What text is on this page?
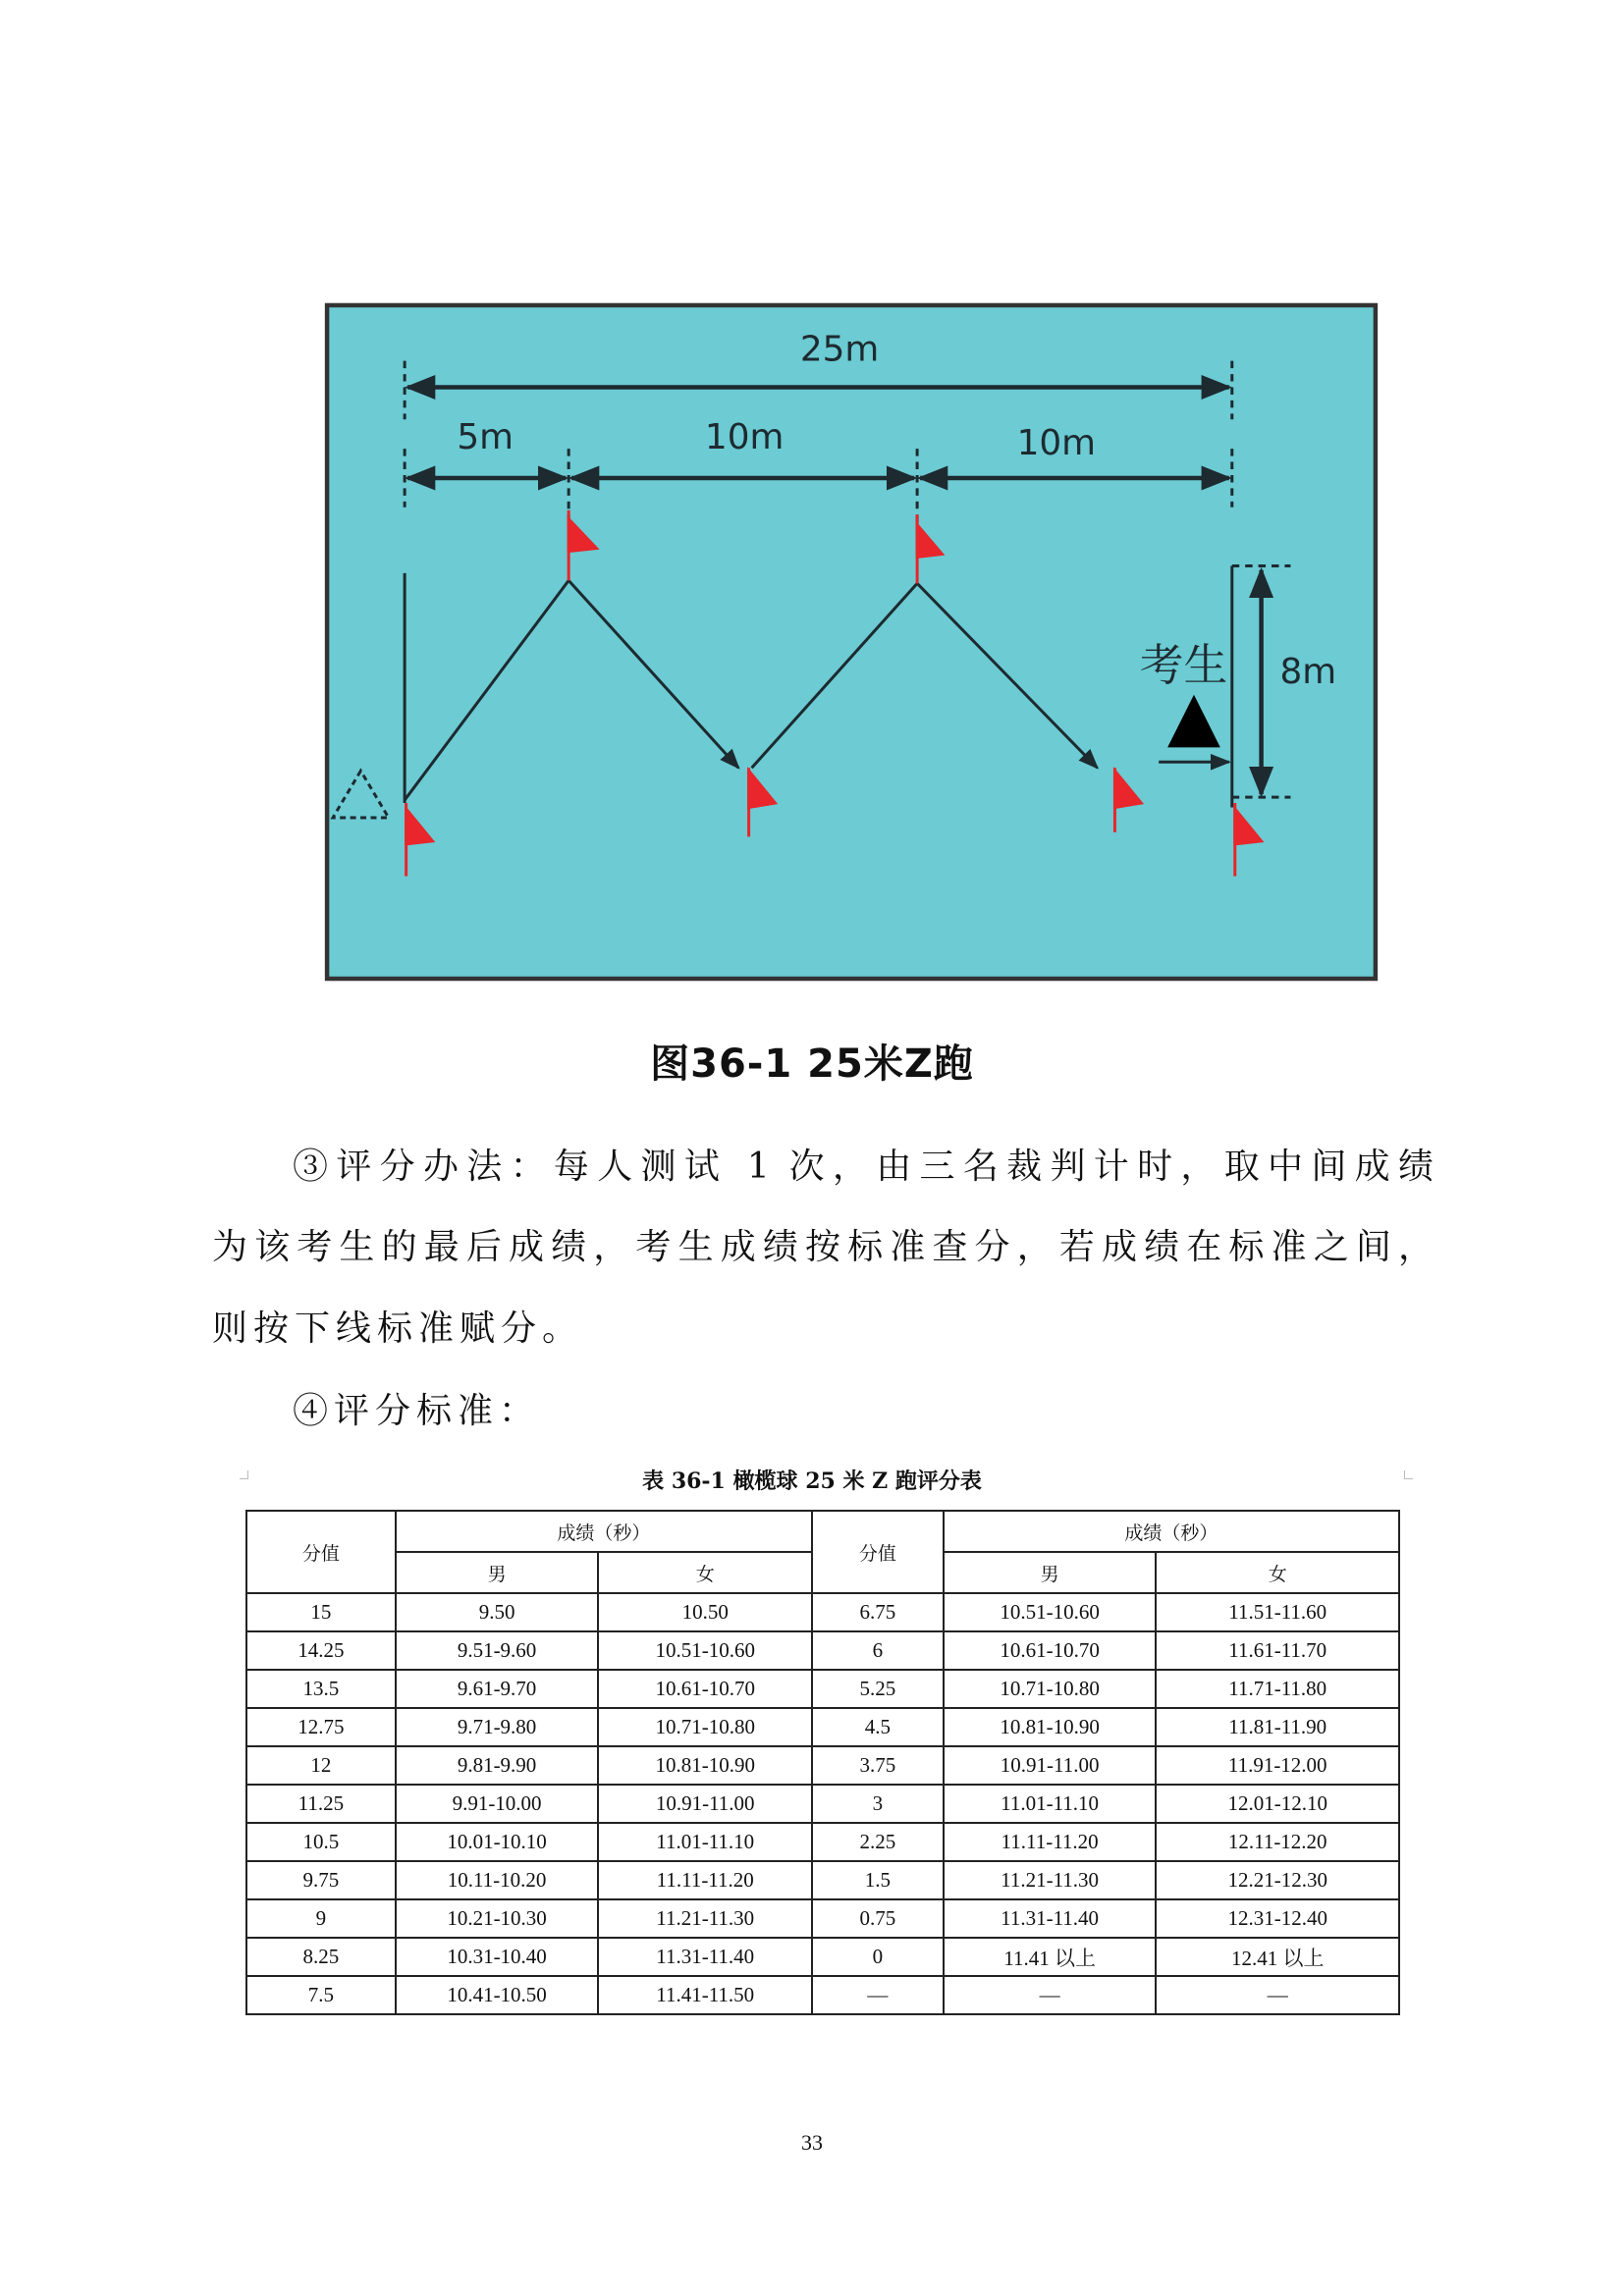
25m
5m	10m	10m
8m
考生
图36-1 25米Z跑
③评分办法：每人测试 1 次，由三名裁判计时，取中间成绩
为该考生的最后成绩，考生成绩按标准查分，若成绩在标准之间，
则按下线标准赋分。
④评分标准：
表 36-1 橄榄球 25 米 Z 跑评分表
分值	成绩（秒）		分值	成绩（秒）	
	男	女		男	女
15	9.50	10.50	6.75	10.51-10.60	11.51-11.60
14.25	9.51-9.60	10.51-10.60	6	10.61-10.70	11.61-11.70
13.5	9.61-9.70	10.61-10.70	5.25	10.71-10.80	11.71-11.80
12.75	9.71-9.80	10.71-10.80	4.5	10.81-10.90	11.81-11.90
12	9.81-9.90	10.81-10.90	3.75	10.91-11.00	11.91-12.00
11.25	9.91-10.00	10.91-11.00	3	11.01-11.10	12.01-12.10
10.5	10.01-10.10	11.01-11.10	2.25	11.11-11.20	12.11-12.20
9.75	10.11-10.20	11.11-11.20	1.5	11.21-11.30	12.21-12.30
9	10.21-10.30	11.21-11.30	0.75	11.31-11.40	12.31-12.40
8.25	10.31-10.40	11.31-11.40	0	11.41 以上	12.41 以上
7.5	10.41-10.50	11.41-11.50	—	—	—
33
